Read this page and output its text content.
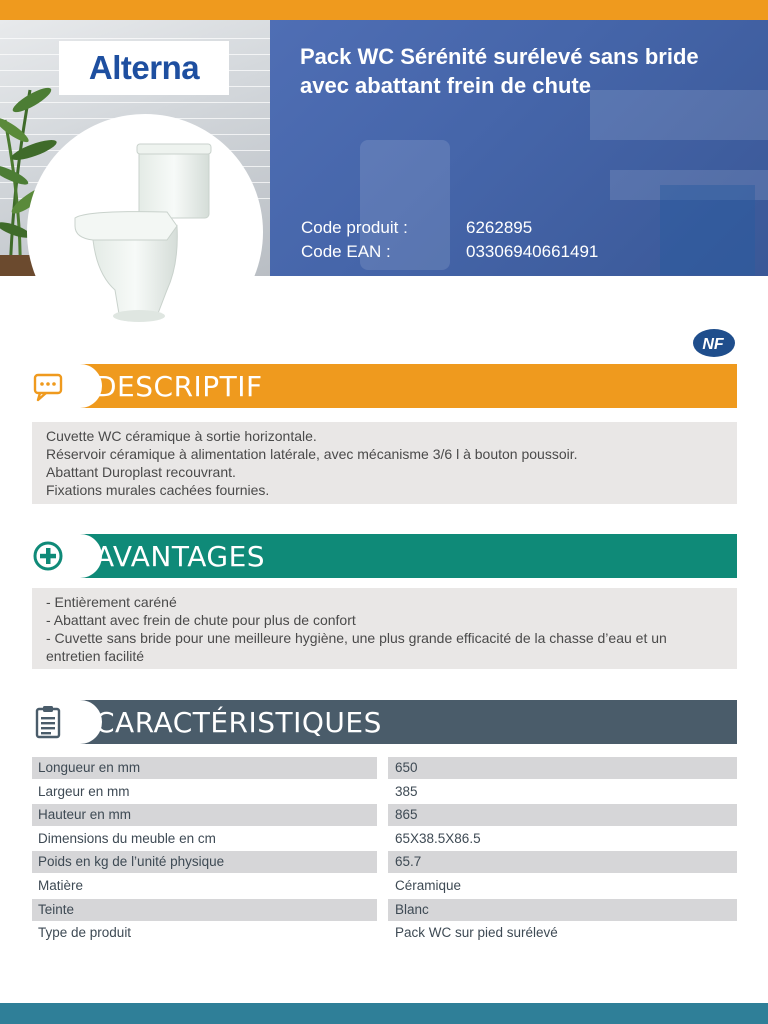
Pack WC Sérénité surélevé sans bride avec abattant frein de chute
Code produit :	6262895
Code EAN :	03306940661491
Alterna
NF
DESCRIPTIF
Cuvette WC céramique à sortie horizontale.
Réservoir céramique à alimentation latérale, avec mécanisme 3/6 l à bouton poussoir.
Abattant Duroplast recouvrant.
Fixations murales cachées fournies.
AVANTAGES
- Entièrement caréné
- Abattant avec frein de chute pour plus de confort
- Cuvette sans bride pour une meilleure hygiène, une plus grande efficacité de la chasse d’eau et un entretien facilité
CARACTÉRISTIQUES
Longueur en mm	650
Largeur en mm	385
Hauteur en mm	865
Dimensions du meuble en cm	65X38.5X86.5
Poids en kg de l’unité physique	65.7
Matière	Céramique
Teinte	Blanc
Type de produit	Pack WC sur pied surélevé
